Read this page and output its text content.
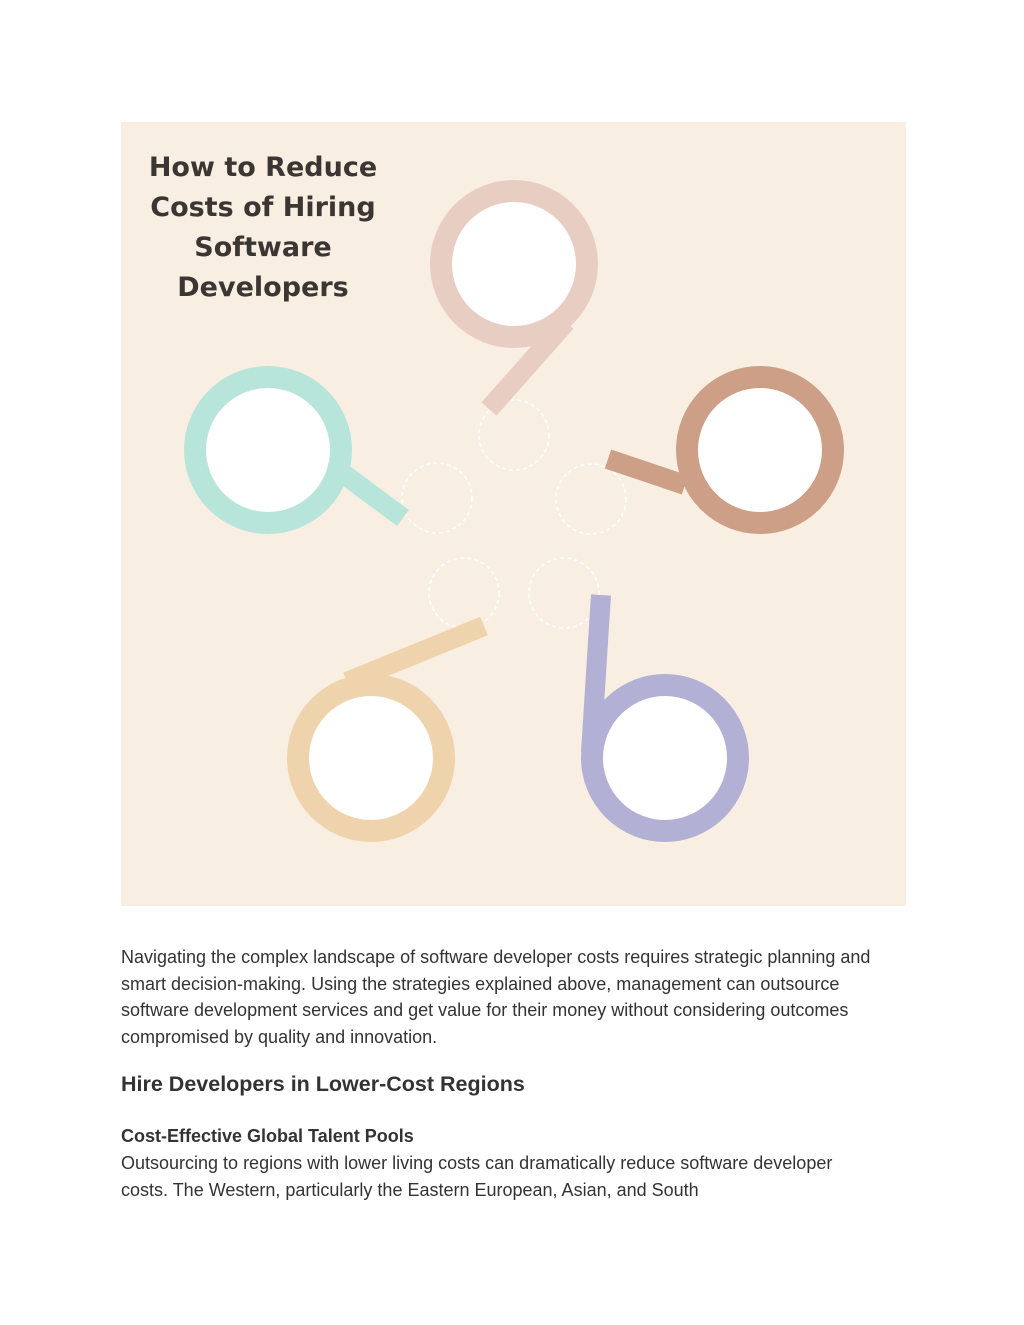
How to Reduce
Costs of Hiring
Software
Developers

Navigating the complex landscape of software developer costs requires strategic planning and smart decision-making. Using the strategies explained above, management can outsource software development services and get value for their money without considering outcomes compromised by quality and innovation.

Hire Developers in Lower-Cost Regions
Cost-Effective Global Talent Pools

Outsourcing to regions with lower living costs can dramatically reduce software developer costs. The Western, particularly the Eastern European, Asian, and South
